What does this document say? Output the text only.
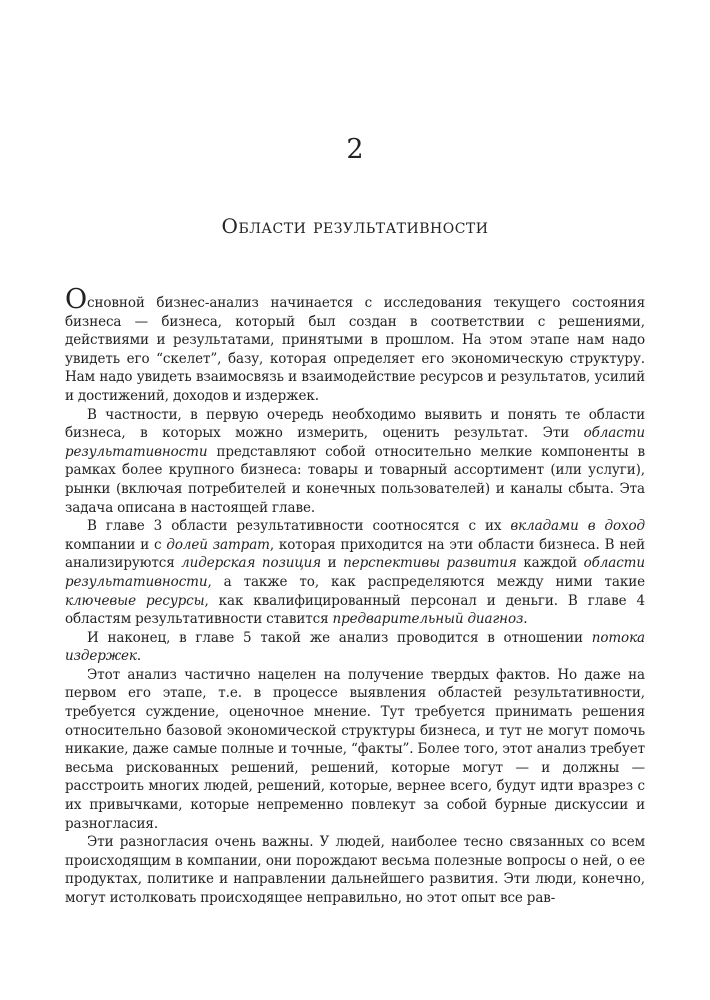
2
Области результативности

Основной бизнес-анализ начинается с исследования текущего состояния бизнеса — бизнеса, который был создан в соответствии с решениями, действиями и результатами, принятыми в прошлом. На этом этапе нам надо увидеть его “скелет”, базу, которая определяет его экономическую структуру. Нам надо увидеть взаимосвязь и взаимодействие ресурсов и результатов, усилий и достижений, доходов и издержек.

В частности, в первую очередь необходимо выявить и понять те области бизнеса, в которых можно измерить, оценить результат. Эти области результативности представляют собой относительно мелкие компоненты в рамках более крупного бизнеса: товары и товарный ассортимент (или услуги), рынки (включая потребителей и конечных пользователей) и каналы сбыта. Эта задача описана в настоящей главе.

В главе 3 области результативности соотносятся с их вкладами в доход компании и с долей затрат, которая приходится на эти области бизнеса. В ней анализируются лидерская позиция и перспективы развития каждой области результативности, а также то, как распределяются между ними такие ключевые ресурсы, как квалифицированный персонал и деньги. В главе 4 областям результативности ставится предварительный диагноз.

И наконец, в главе 5 такой же анализ проводится в отношении потока издержек.

Этот анализ частично нацелен на получение твердых фактов. Но даже на первом его этапе, т.е. в процессе выявления областей результативности, требуется суждение, оценочное мнение. Тут требуется принимать решения относительно базовой экономической структуры бизнеса, и тут не могут помочь никакие, даже самые полные и точные, “факты”. Более того, этот анализ требует весьма рискованных решений, решений, которые могут — и должны — расстроить многих людей, решений, которые, вернее всего, будут идти вразрез с их привычками, которые непременно повлекут за собой бурные дискуссии и разногласия.

Эти разногласия очень важны. У людей, наиболее тесно связанных со всем происходящим в компании, они порождают весьма полезные вопросы о ней, о ее продуктах, политике и направлении дальнейшего развития. Эти люди, конечно, могут истолковать происходящее неправильно, но этот опыт все рав-
